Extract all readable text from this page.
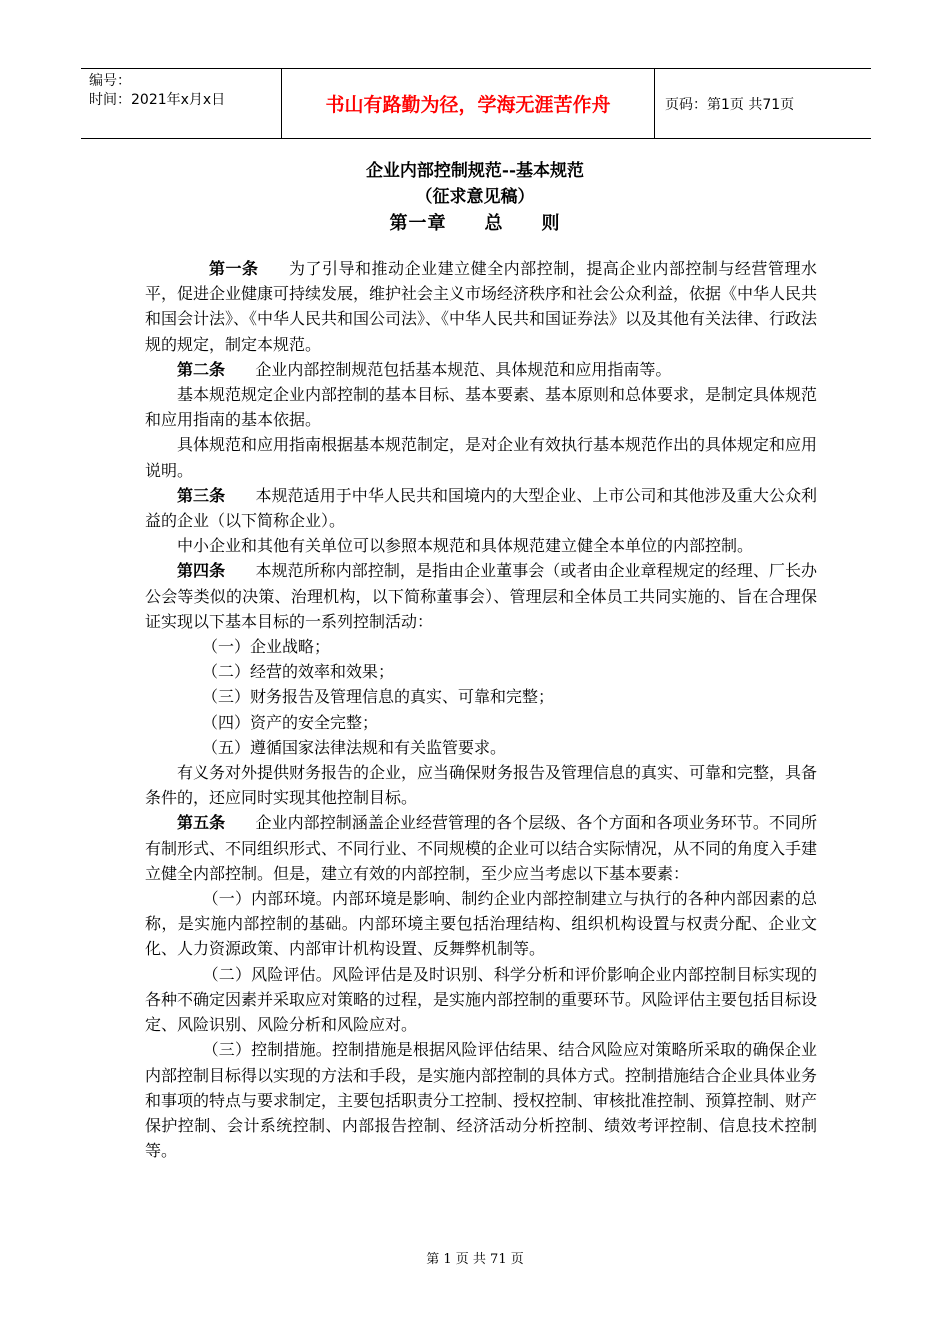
编号：
时间：2021年x月x日	书山有路勤为径，学海无涯苦作舟	页码：第1页 共71页
企业内部控制规范--基本规范
（征求意见稿）
第一章　　总　　则

第一条 为了引导和推动企业建立健全内部控制，提高企业内部控制与经营管理水平，促进企业健康可持续发展，维护社会主义市场经济秩序和社会公众利益，依据《中华人民共和国会计法》、《中华人民共和国公司法》、《中华人民共和国证券法》以及其他有关法律、行政法规的规定，制定本规范。

第二条 企业内部控制规范包括基本规范、具体规范和应用指南等。

基本规范规定企业内部控制的基本目标、基本要素、基本原则和总体要求，是制定具体规范和应用指南的基本依据。

具体规范和应用指南根据基本规范制定，是对企业有效执行基本规范作出的具体规定和应用说明。

第三条 本规范适用于中华人民共和国境内的大型企业、上市公司和其他涉及重大公众利益的企业（以下简称企业）。

中小企业和其他有关单位可以参照本规范和具体规范建立健全本单位的内部控制。

第四条 本规范所称内部控制，是指由企业董事会（或者由企业章程规定的经理、厂长办公会等类似的决策、治理机构，以下简称董事会）、管理层和全体员工共同实施的、旨在合理保证实现以下基本目标的一系列控制活动：

（一）企业战略；

（二）经营的效率和效果；

（三）财务报告及管理信息的真实、可靠和完整；

（四）资产的安全完整；

（五）遵循国家法律法规和有关监管要求。

有义务对外提供财务报告的企业，应当确保财务报告及管理信息的真实、可靠和完整，具备条件的，还应同时实现其他控制目标。

第五条 企业内部控制涵盖企业经营管理的各个层级、各个方面和各项业务环节。不同所有制形式、不同组织形式、不同行业、不同规模的企业可以结合实际情况，从不同的角度入手建立健全内部控制。但是，建立有效的内部控制，至少应当考虑以下基本要素：

（一）内部环境。内部环境是影响、制约企业内部控制建立与执行的各种内部因素的总称，是实施内部控制的基础。内部环境主要包括治理结构、组织机构设置与权责分配、企业文化、人力资源政策、内部审计机构设置、反舞弊机制等。

（二）风险评估。风险评估是及时识别、科学分析和评价影响企业内部控制目标实现的各种不确定因素并采取应对策略的过程，是实施内部控制的重要环节。风险评估主要包括目标设定、风险识别、风险分析和风险应对。

（三）控制措施。控制措施是根据风险评估结果、结合风险应对策略所采取的确保企业内部控制目标得以实现的方法和手段，是实施内部控制的具体方式。控制措施结合企业具体业务和事项的特点与要求制定，主要包括职责分工控制、授权控制、审核批准控制、预算控制、财产保护控制、会计系统控制、内部报告控制、经济活动分析控制、绩效考评控制、信息技术控制等。

第 1 页 共 71 页
